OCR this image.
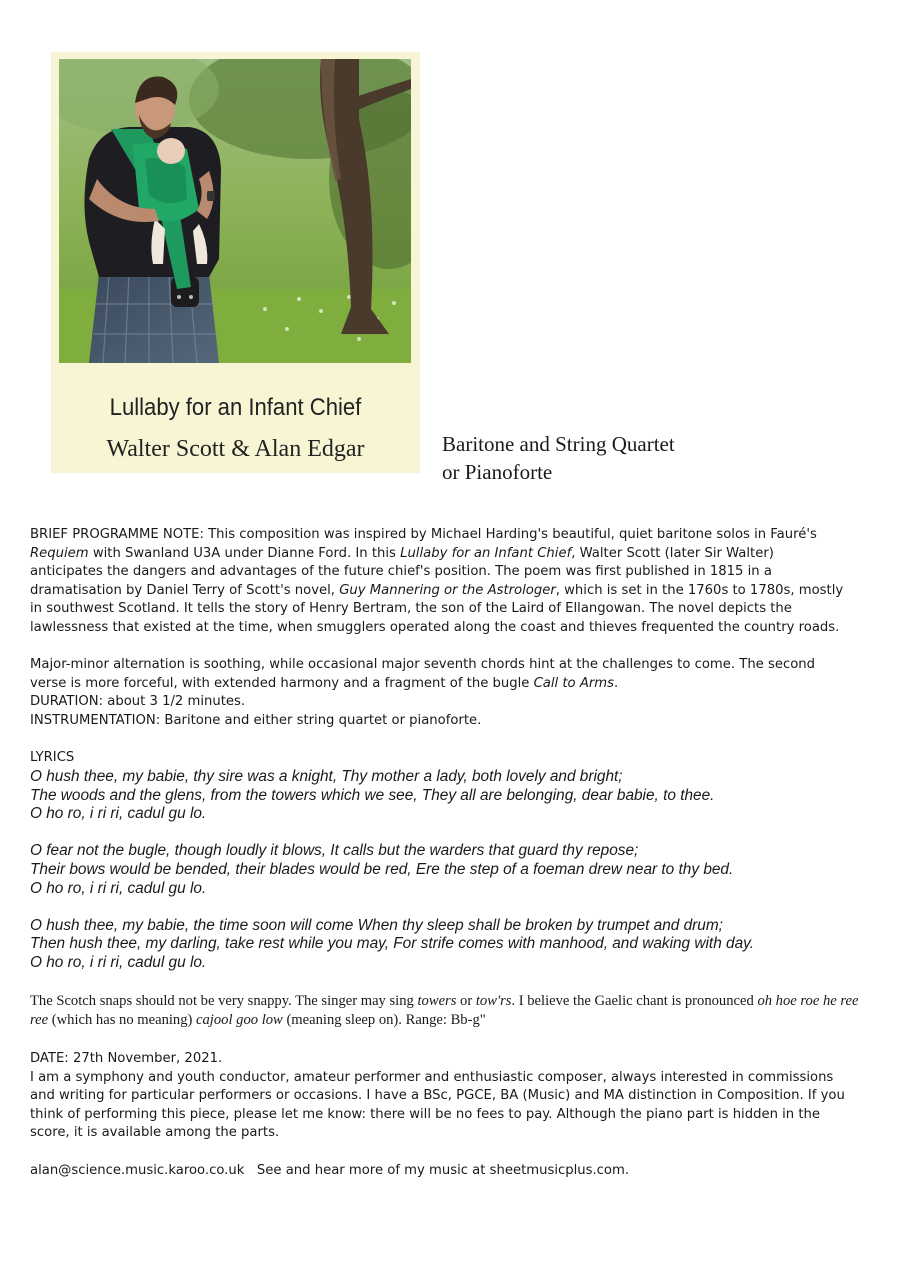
Lullaby for an Infant Chief
Walter Scott & Alan Edgar	Baritone and String Quartet
or Pianoforte

BRIEF PROGRAMME NOTE: This composition was inspired by Michael Harding's beautiful, quiet baritone solos in Fauré's Requiem with Swanland U3A under Dianne Ford. In this Lullaby for an Infant Chief, Walter Scott (later Sir Walter) anticipates the dangers and advantages of the future chief's position. The poem was first published in 1815 in a dramatisation by Daniel Terry of Scott's novel, Guy Mannering or the Astrologer, which is set in the 1760s to 1780s, mostly in southwest Scotland. It tells the story of Henry Bertram, the son of the Laird of Ellangowan. The novel depicts the lawlessness that existed at the time, when smugglers operated along the coast and thieves frequented the country roads.

Major-minor alternation is soothing, while occasional major seventh chords hint at the challenges to come. The second verse is more forceful, with extended harmony and a fragment of the bugle Call to Arms.

DURATION: about 3 1/2 minutes.

INSTRUMENTATION: Baritone and either string quartet or pianoforte.

LYRICS
O hush thee, my babie, thy sire was a knight, Thy mother a lady, both lovely and bright;
The woods and the glens, from the towers which we see, They all are belonging, dear babie, to thee.
O ho ro, i ri ri, cadul gu lo.
O fear not the bugle, though loudly it blows, It calls but the warders that guard thy repose;
Their bows would be bended, their blades would be red, Ere the step of a foeman drew near to thy bed.
O ho ro, i ri ri, cadul gu lo.
O hush thee, my babie, the time soon will come When thy sleep shall be broken by trumpet and drum;
Then hush thee, my darling, take rest while you may, For strife comes with manhood, and waking with day.
O ho ro, i ri ri, cadul gu lo.
The Scotch snaps should not be very snappy. The singer may sing towers or tow'rs. I believe the Gaelic chant is pronounced oh hoe roe he ree ree (which has no meaning) cajool goo low (meaning sleep on). Range: Bb-g"

DATE: 27th November, 2021.

I am a symphony and youth conductor, amateur performer and enthusiastic composer, always interested in commissions and writing for particular performers or occasions. I have a BSc, PGCE, BA (Music) and MA distinction in Composition. If you think of performing this piece, please let me know: there will be no fees to pay. Although the piano part is hidden in the score, it is available among the parts.

alan@science.music.karoo.co.uk   See and hear more of my music at sheetmusicplus.com.
